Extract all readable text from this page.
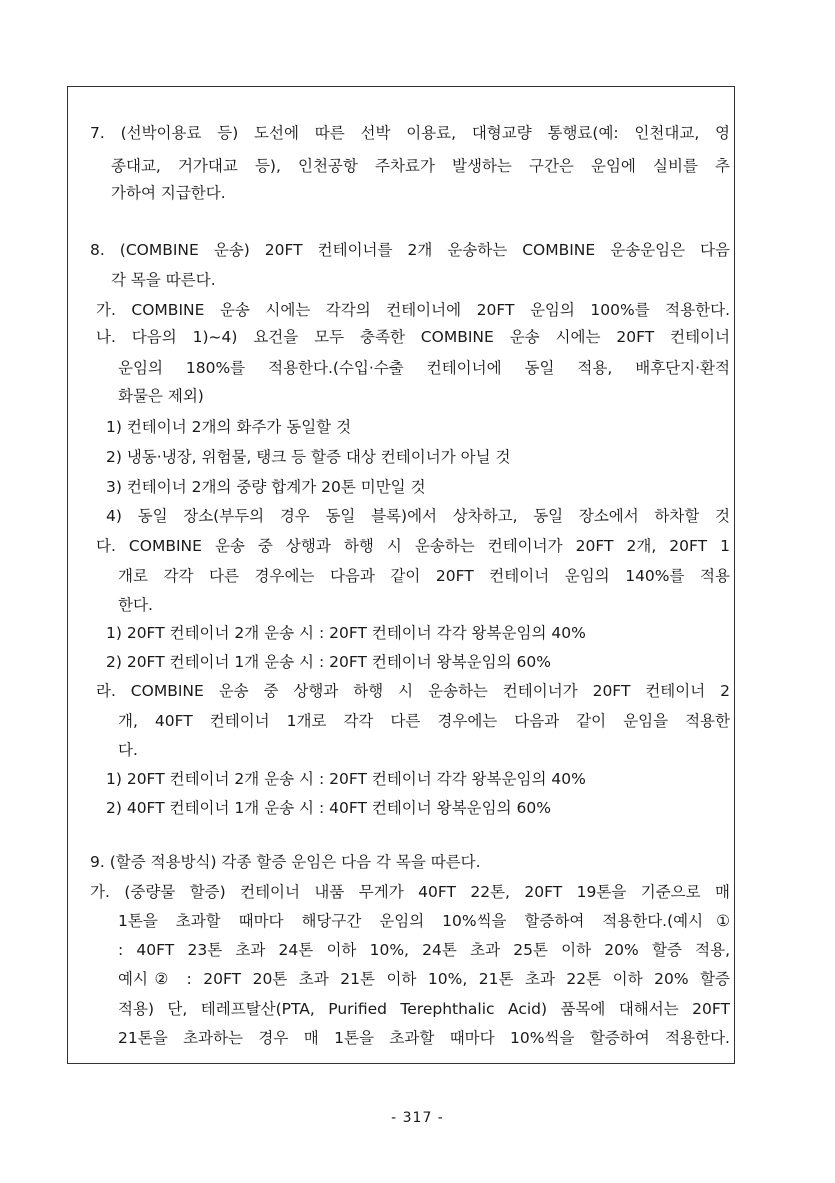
7. (선박이용료 등) 도선에 따른 선박 이용료, 대형교량 통행료(예: 인천대교, 영

종대교, 거가대교 등), 인천공항 주차료가 발생하는 구간은 운임에 실비를 추

가하여 지급한다.

8. (COMBINE 운송) 20FT 컨테이너를 2개 운송하는 COMBINE 운송운임은 다음

각 목을 따른다.

가. COMBINE 운송 시에는 각각의 컨테이너에 20FT 운임의 100%를 적용한다.

나. 다음의 1)~4) 요건을 모두 충족한 COMBINE 운송 시에는 20FT 컨테이너

운임의 180%를 적용한다.(수입·수출 컨테이너에 동일 적용, 배후단지·환적

화물은 제외)

1) 컨테이너 2개의 화주가 동일할 것

2) 냉동·냉장, 위험물, 탱크 등 할증 대상 컨테이너가 아닐 것

3) 컨테이너 2개의 중량 합계가 20톤 미만일 것

4) 동일 장소(부두의 경우 동일 블록)에서 상차하고, 동일 장소에서 하차할 것

다. COMBINE 운송 중 상행과 하행 시 운송하는 컨테이너가 20FT 2개, 20FT 1

개로 각각 다른 경우에는 다음과 같이 20FT 컨테이너 운임의 140%를 적용

한다.

1) 20FT 컨테이너 2개 운송 시 : 20FT 컨테이너 각각 왕복운임의 40%

2) 20FT 컨테이너 1개 운송 시 : 20FT 컨테이너 왕복운임의 60%

라. COMBINE 운송 중 상행과 하행 시 운송하는 컨테이너가 20FT 컨테이너 2

개, 40FT 컨테이너 1개로 각각 다른 경우에는 다음과 같이 운임을 적용한

다.

1) 20FT 컨테이너 2개 운송 시 : 20FT 컨테이너 각각 왕복운임의 40%

2) 40FT 컨테이너 1개 운송 시 : 40FT 컨테이너 왕복운임의 60%

9. (할증 적용방식) 각종 할증 운임은 다음 각 목을 따른다.

가. (중량물 할증) 컨테이너 내품 무게가 40FT 22톤, 20FT 19톤을 기준으로 매

1톤을 초과할 때마다 해당구간 운임의 10%씩을 할증하여 적용한다.(예시①

: 40FT 23톤 초과 24톤 이하 10%, 24톤 초과 25톤 이하 20% 할증 적용,

예시② : 20FT 20톤 초과 21톤 이하 10%, 21톤 초과 22톤 이하 20% 할증

적용) 단, 테레프탈산(PTA, Purified Terephthalic Acid) 품목에 대해서는 20FT

21톤을 초과하는 경우 매 1톤을 초과할 때마다 10%씩을 할증하여 적용한다.

- 317 -
